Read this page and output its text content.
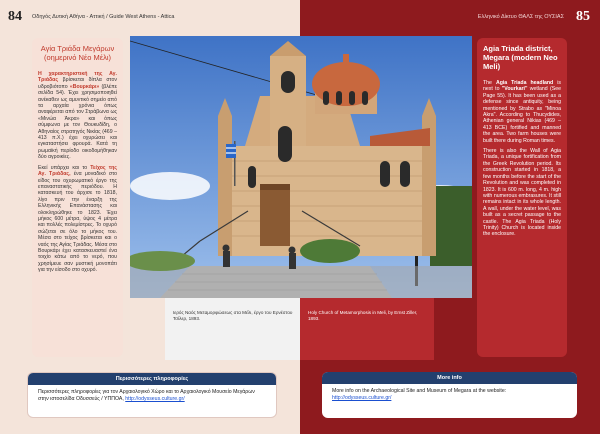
84 Οδηγός Δυτική Αθήνα - Αττική / Guide West Athens - Attica	85
Ελληνικό Δίκτυο ΘΑΛΣ της ΟΥΣΙΑΣ
Αγία Τριάδα Μεγάρων (οημερινό Νέο Μέλι)

Η χαρακτηριστική της Αγ. Τριάδας βρίσκεται δίπλα στον υδροβιότοπο «Βουρκάρι» (βλέπε σελίδα 54). Έχει χρησιμοποιηθεί ανέκαθεν ως αμυντικό σημείο από τα αρχαία χρόνια όπως αναφέρεται από τον Στράβωνα ως «Μινώα Άκρα» και όπως σύμφωνα με τον Θουκυδίδη, ο Αθηναίος στρατηγός Νικίας (469 – 413 π.Χ.) έχει οχυρώσει και εγκαταστήσει φρουρά. Κατά τη ρωμαϊκή περίοδο οικοδομήθηκαν δύο αγροικίες.

Εκεί υπάρχει και το Τείχος της Αγ. Τριάδας, ένα μοναδικό στο είδος του οχυρωματικό έργο της επαναστατικής περιόδου. Η κατασκευή του άρχισε το 1818, λίγο πριν την έναρξη της Ελληνικής Επανάστασης και ολοκληρώθηκε το 1823. Έχει μήκος 600 μέτρα, ύψος 4 μέτρα και πολλές πολεμίστρες. Το οχυρό σώζεται σε όλο το μήκος του. Μέσα στο τείχος βρίσκεται και ο ναός της Αγίας Τριάδας. Μέσα στο Βουρκάρι έχει κατασκευαστεί ένα τοιχίο κάτω από το νερό, που χρησίμευε σαν μυστική μονοπάτι για την είσοδο στο οχυρό.

Agia Triada district, Megara (modern Neo Meli)

The Agia Triada headland is next to "Vourkari" wetland (See Page 55). It has been used as a defense since antiquity, being mentioned by Strabo as "Minoa Akra". According to Thucydides, Athenian general Nikias (469 – 413 BCE) fortified and manned the area. Two farm houses were built there during Roman times.

There is also the Wall of Agia Triada, a unique fortification from the Greek Revolution period. Its construction started in 1818, a few months before the start of the Revolution and was completed in 1823. It is 600 m. long, 4 m. high with numerous embrasures. It still remains intact in its whole length. A wall, under the water level, was built as a secret passage to the castle. The Agia Triada (Holy Trinity) Church is located inside the enclosure.

Ιερός Ναός Μεταμορφώσεως στα Μέλι, έργο του Ερνέστου Τσίλερ, 1893.

Holy Church of Metamorphosis in Meli, by Ernst Ziller, 1893.

Περισσότερες πληροφορίες
Περισσότερες πληροφορίες για τον Αρχαιολογικό Χώρο και το Αρχαιολογικό Μουσείο Μεγάρων στην ιστοσελίδα Οδυσσεύς / ΥΠΠΟΑ, http://odysseus.culture.gr/
More info
More info on the Archaeological Site and Museum of Megara at the website: http://odysseus.culture.gr/
